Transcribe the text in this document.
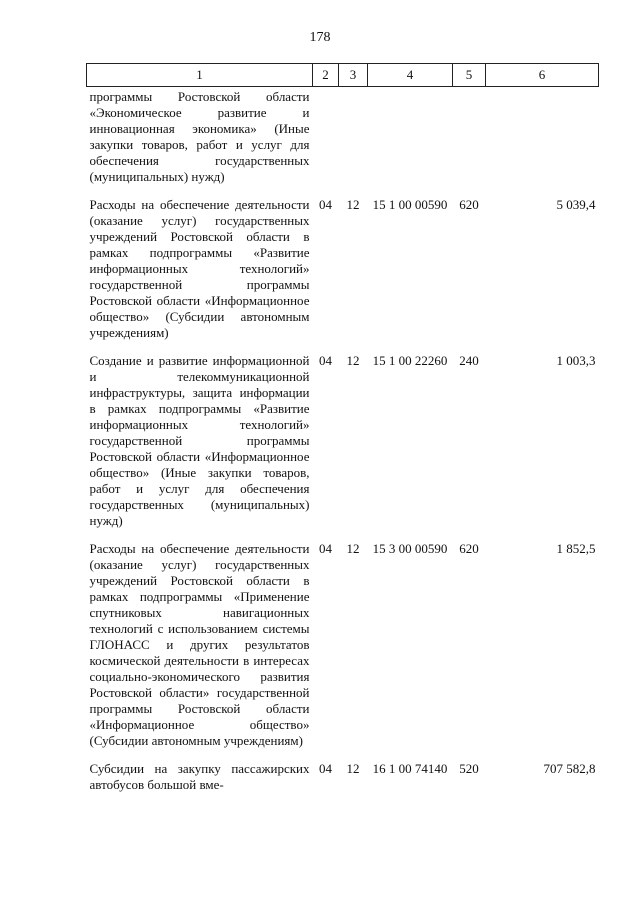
178
1	2	3	4	5	6
программы Ростовской области «Экономическое развитие и инновационная экономика» (Иные закупки товаров, работ и услуг для обеспечения государственных (муниципальных) нужд)					

Расходы на обеспечение деятельности (оказание услуг) государственных учреждений Ростовской области в рамках подпрограммы «Развитие информационных технологий» государственной программы Ростовской области «Информационное общество» (Субсидии автономным учреждениям)	04	12	15 1 00 00590	620	5 039,4

Создание и развитие информационной и телекоммуникационной инфраструктуры, защита информации в рамках подпрограммы «Развитие информационных технологий» государственной программы Ростовской области «Информационное общество» (Иные закупки товаров, работ и услуг для обеспечения государственных (муниципальных) нужд)	04	12	15 1 00 22260	240	1 003,3

Расходы на обеспечение деятельности (оказание услуг) государственных учреждений Ростовской области в рамках подпрограммы «Применение спутниковых навигационных технологий с использованием системы ГЛОНАСС и других результатов космической деятельности в интересах социально-экономического развития Ростовской области» государственной программы Ростовской области «Информационное общество» (Субсидии автономным учреждениям)	04	12	15 3 00 00590	620	1 852,5

Субсидии на закупку пассажирских автобусов большой вме-	04	12	16 1 00 74140	520	707 582,8
